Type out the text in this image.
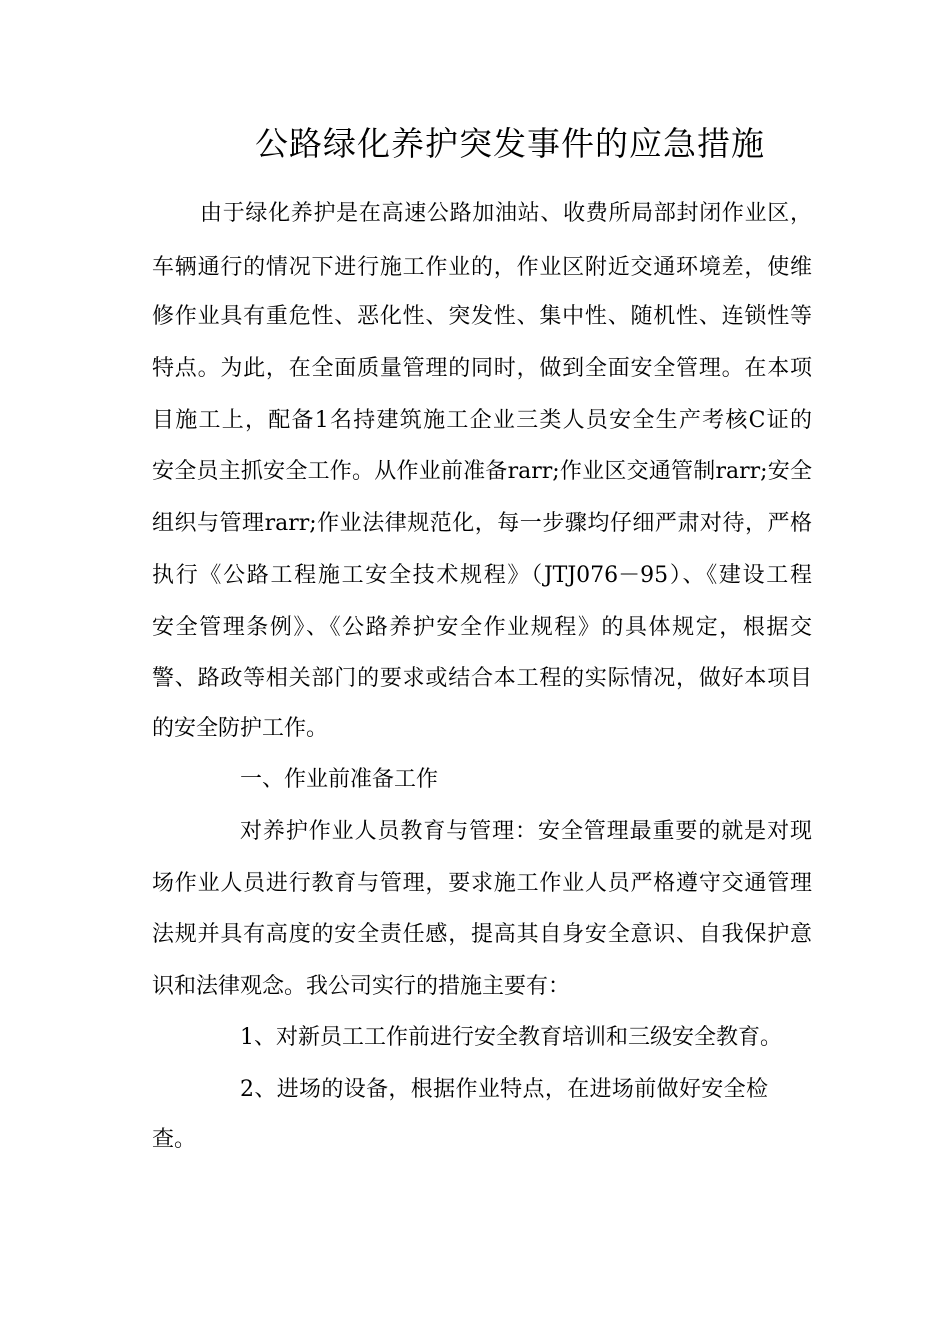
公路绿化养护突发事件的应急措施
由于绿化养护是在高速公路加油站、收费所局部封闭作业区，
车辆通行的情况下进行施工作业的，作业区附近交通环境差，使维
修作业具有重危性、恶化性、突发性、集中性、随机性、连锁性等
特点。为此，在全面质量管理的同时，做到全面安全管理。在本项
目施工上，配备1名持建筑施工企业三类人员安全生产考核C证的
安全员主抓安全工作。从作业前准备rarr;作业区交通管制rarr;安全
组织与管理rarr;作业法律规范化，每一步骤均仔细严肃对待，严格
执行《公路工程施工安全技术规程》（JTJ076－95）、《建设工程
安全管理条例》、《公路养护安全作业规程》的具体规定，根据交
警、路政等相关部门的要求或结合本工程的实际情况，做好本项目
的安全防护工作。
一、作业前准备工作
对养护作业人员教育与管理：安全管理最重要的就是对现
场作业人员进行教育与管理，要求施工作业人员严格遵守交通管理
法规并具有高度的安全责任感，提高其自身安全意识、自我保护意
识和法律观念。我公司实行的措施主要有：
1、对新员工工作前进行安全教育培训和三级安全教育。
2、进场的设备，根据作业特点，在进场前做好安全检
查。
